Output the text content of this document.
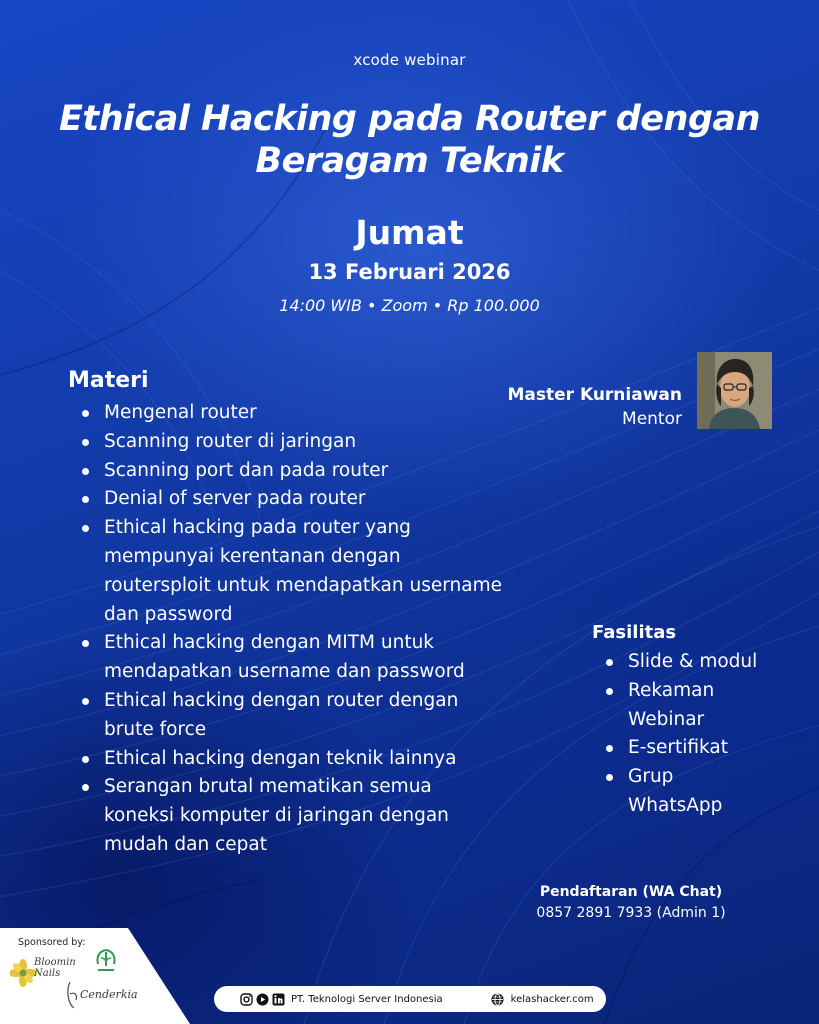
xcode webinar
Ethical Hacking pada Router dengan
Beragam Teknik
Jumat
13 Februari 2026
14:00 WIB • Zoom • Rp 100.000
Materi
Mengenal router
Scanning router di jaringan
Scanning port dan pada router
Denial of server pada router
Ethical hacking pada router yang
mempunyai kerentanan dengan
routersploit untuk mendapatkan username
dan password
Ethical hacking dengan MITM untuk
mendapatkan username dan password
Ethical hacking dengan router dengan
brute force
Ethical hacking dengan teknik lainnya
Serangan brutal mematikan semua
koneksi komputer di jaringan dengan
mudah dan cepat
Master Kurniawan
Mentor
Fasilitas
Slide & modul
Rekaman
Webinar
E-sertifikat
Grup
WhatsApp
Pendaftaran (WA Chat)
0857 2891 7933 (Admin 1)
Sponsored by:
Bloomin
Nails
Cenderkia	PT. Teknologi Server Indonesia	kelashacker.com
